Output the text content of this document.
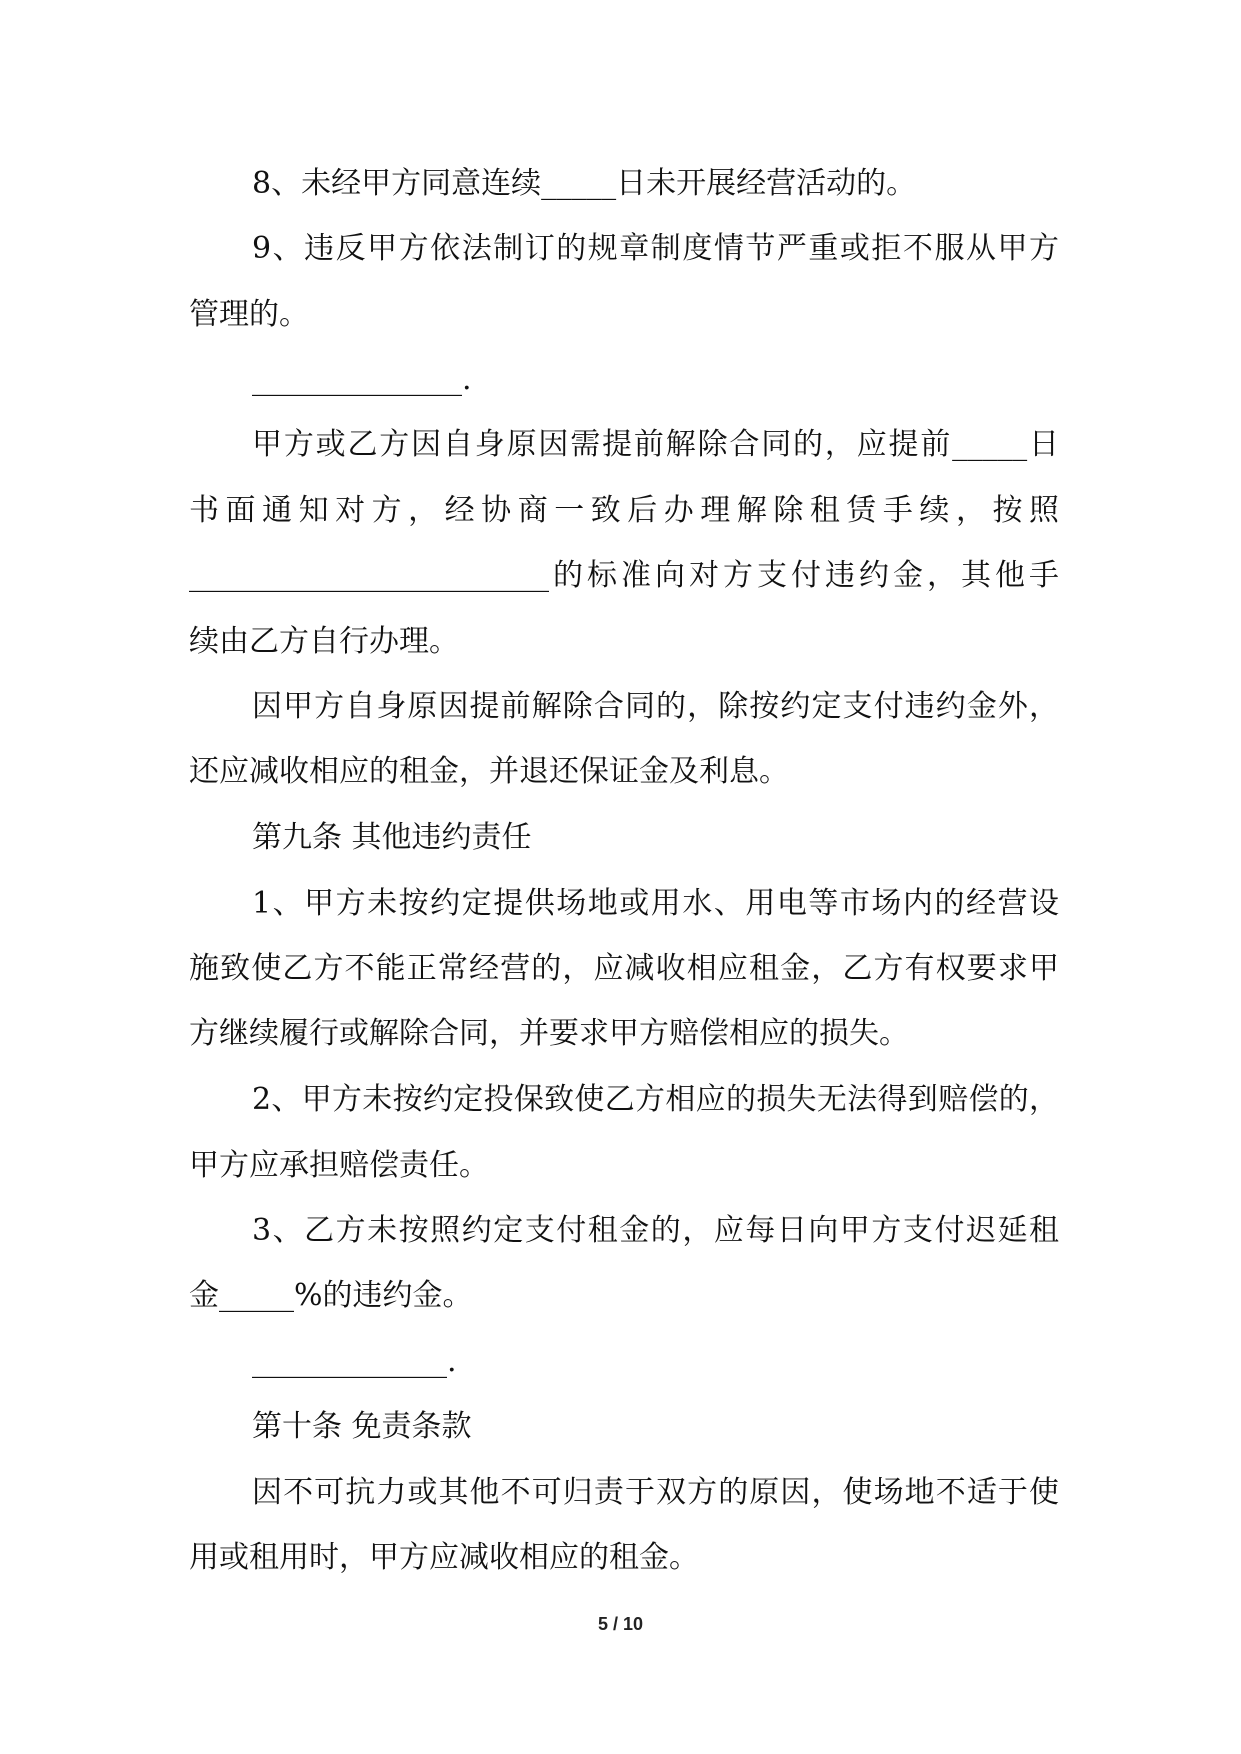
8、未经甲方同意连续_____日未开展经营活动的。
9、违反甲方依法制订的规章制度情节严重或拒不服从甲方
管理的。
______________.
甲方或乙方因自身原因需提前解除合同的，应提前_____日
书面通知对方，经协商一致后办理解除租赁手续，按照
________________________的标准向对方支付违约金，其他手
续由乙方自行办理。
因甲方自身原因提前解除合同的，除按约定支付违约金外，
还应减收相应的租金，并退还保证金及利息。
第九条 其他违约责任
1、甲方未按约定提供场地或用水、用电等市场内的经营设
施致使乙方不能正常经营的，应减收相应租金，乙方有权要求甲
方继续履行或解除合同，并要求甲方赔偿相应的损失。
2、甲方未按约定投保致使乙方相应的损失无法得到赔偿的，
甲方应承担赔偿责任。
3、乙方未按照约定支付租金的，应每日向甲方支付迟延租
金_____%的违约金。
_____________.
第十条 免责条款
因不可抗力或其他不可归责于双方的原因，使场地不适于使
用或租用时，甲方应减收相应的租金。
5 / 10
